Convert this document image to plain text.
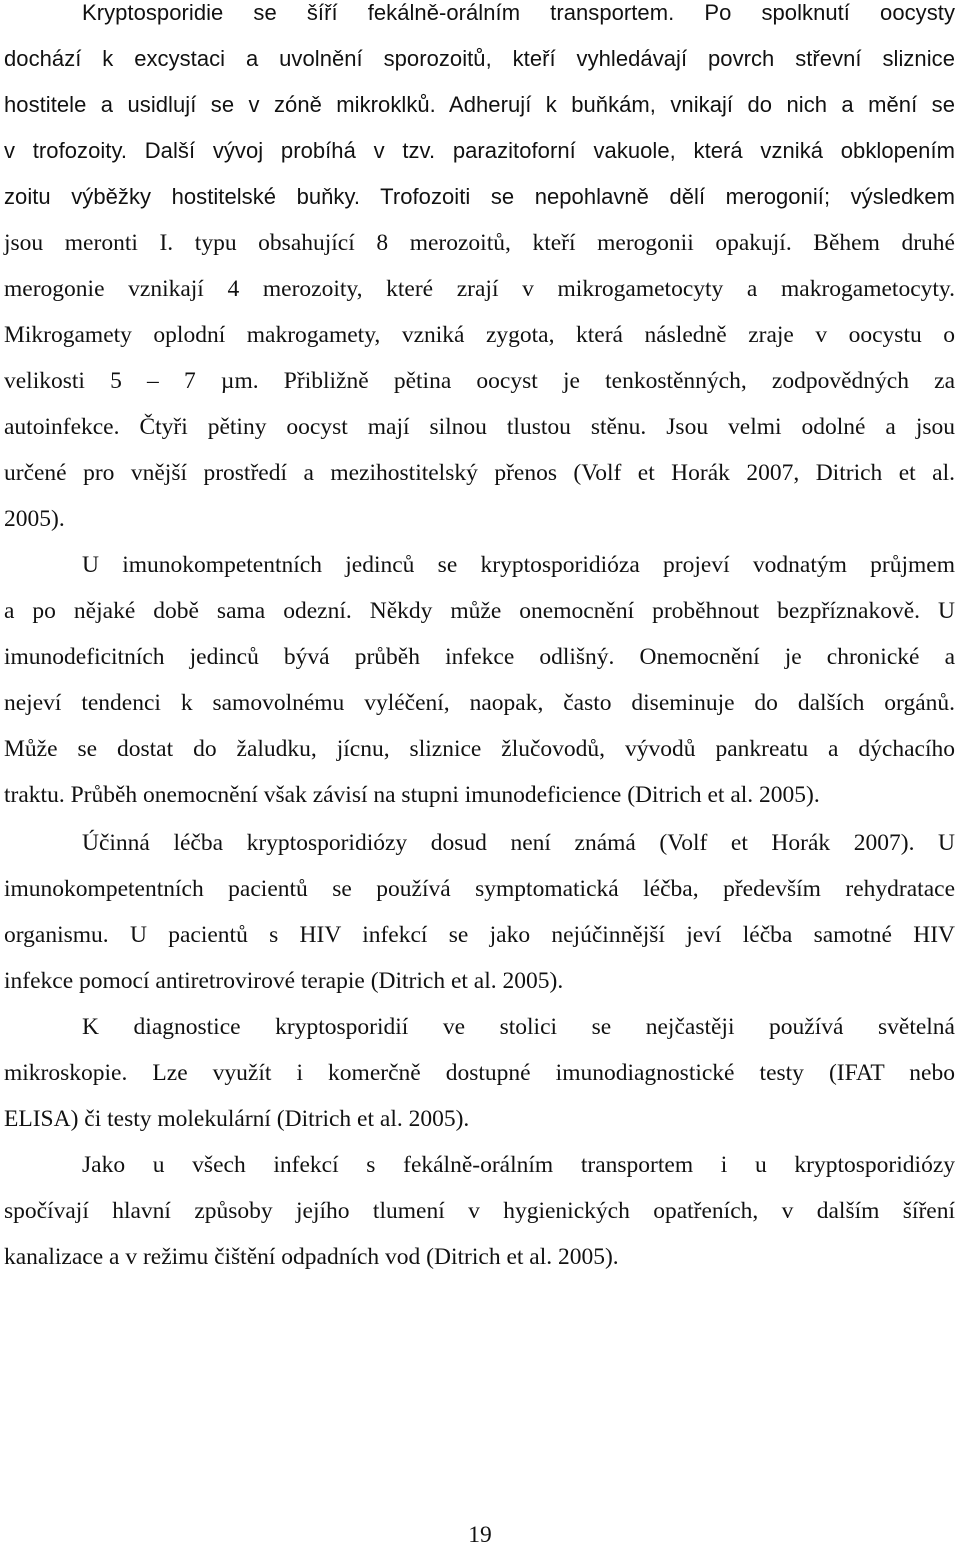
Kryptosporidie se šíří fekálně-orálním transportem. Po spolknutí oocysty
dochází k excystaci a uvolnění sporozoitů, kteří vyhledávají povrch střevní sliznice
hostitele a usidlují se v zóně mikroklků. Adherují k buňkám, vnikají do nich a mění se
v trofozoity. Další vývoj probíhá v tzv. parazitoforní vakuole, která vzniká obklopením
zoitu výběžky hostitelské buňky. Trofozoiti se nepohlavně dělí merogonií; výsledkem
jsou meronti I. typu obsahující 8 merozoitů, kteří merogonii opakují. Během druhé
merogonie vznikají 4 merozoity, které zrají v mikrogametocyty a makrogametocyty.
Mikrogamety oplodní makrogamety, vzniká zygota, která následně zraje v oocystu o
velikosti 5 – 7 µm. Přibližně pětina oocyst je tenkostěnných, zodpovědných za
autoinfekce. Čtyři pětiny oocyst mají silnou tlustou stěnu. Jsou velmi odolné a jsou
určené pro vnější prostředí a mezihostitelský přenos (Volf et Horák 2007, Ditrich et al.
2005).
U imunokompetentních jedinců se kryptosporidióza projeví vodnatým průjmem
a po nějaké době sama odezní. Někdy může onemocnění proběhnout bezpříznakově. U
imunodeficitních jedinců bývá průběh infekce odlišný. Onemocnění je chronické a
nejeví tendenci k samovolnému vyléčení, naopak, často diseminuje do dalších orgánů.
Může se dostat do žaludku, jícnu, sliznice žlučovodů, vývodů pankreatu a dýchacího
traktu. Průběh onemocnění však závisí na stupni imunodeficience (Ditrich et al. 2005).
Účinná léčba kryptosporidiózy dosud není známá (Volf et Horák 2007). U
imunokompetentních pacientů se používá symptomatická léčba, především rehydratace
organismu. U pacientů s HIV infekcí se jako nejúčinnější jeví léčba samotné HIV
infekce pomocí antiretrovirové terapie (Ditrich et al. 2005).
K diagnostice kryptosporidií ve stolici se nejčastěji používá světelná
mikroskopie. Lze využít i komerčně dostupné imunodiagnostické testy (IFAT nebo
ELISA) či testy molekulární (Ditrich et al. 2005).
Jako u všech infekcí s fekálně-orálním transportem i u kryptosporidiózy
spočívají hlavní způsoby jejího tlumení v hygienických opatřeních, v dalším šíření
kanalizace a v režimu čištění odpadních vod (Ditrich et al. 2005).
19
